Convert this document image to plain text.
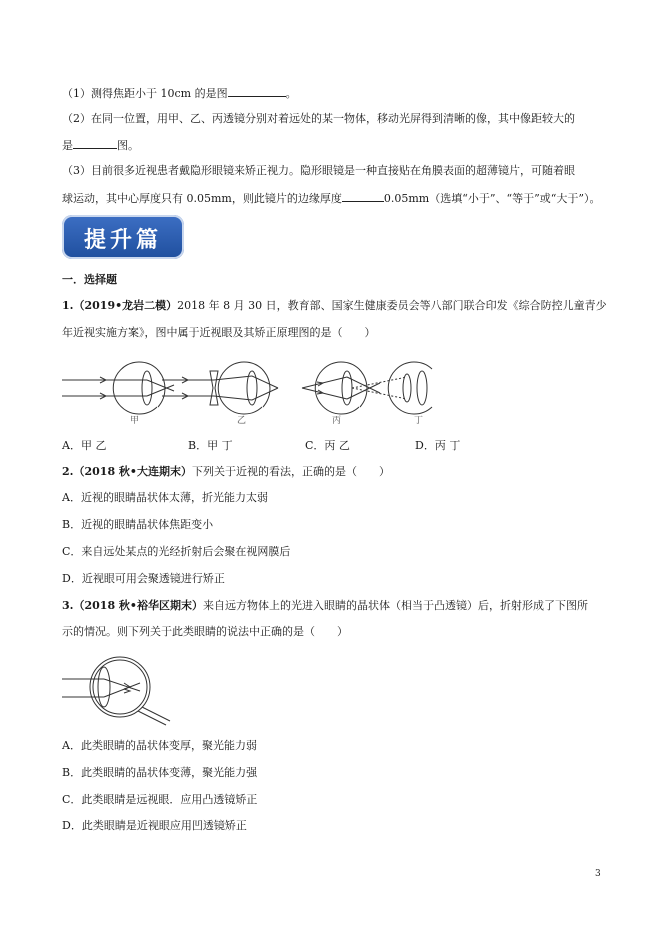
（1）测得焦距小于 10cm 的是图	。
（2）在同一位置，用甲、乙、丙透镜分别对着远处的某一物体，移动光屏得到清晰的像，其中像距较大的
是	图。
（3）目前很多近视患者戴隐形眼镜来矫正视力。隐形眼镜是一种直接贴在角膜表面的超薄镜片，可随着眼
球运动，其中心厚度只有 0.05mm，则此镜片的边缘厚度	0.05mm（选填“小于”、“等于”或“大于”）。
提升篇
一．选择题
1.（2019•龙岩二模）2018 年 8 月 30 日，教育部、国家生健康委员会等八部门联合印发《综合防控儿童青少
年近视实施方案》，图中属于近视眼及其矫正原理图的是（　　）
甲	乙	丙	丁
A．甲 乙	B．甲 丁	C．丙 乙	D．丙 丁
2.（2018 秋•大连期末）下列关于近视的看法，正确的是（　　）
A．近视的眼睛晶状体太薄，折光能力太弱
B．近视的眼睛晶状体焦距变小
C．来自远处某点的光经折射后会聚在视网膜后
D．近视眼可用会聚透镜进行矫正
3.（2018 秋•裕华区期末）来自远方物体上的光进入眼睛的晶状体（相当于凸透镜）后，折射形成了下图所
示的情况。则下列关于此类眼睛的说法中正确的是（　　）
A．此类眼睛的晶状体变厚，聚光能力弱
B．此类眼睛的晶状体变薄，聚光能力强
C．此类眼睛是远视眼．应用凸透镜矫正
D．此类眼睛是近视眼应用凹透镜矫正
3
